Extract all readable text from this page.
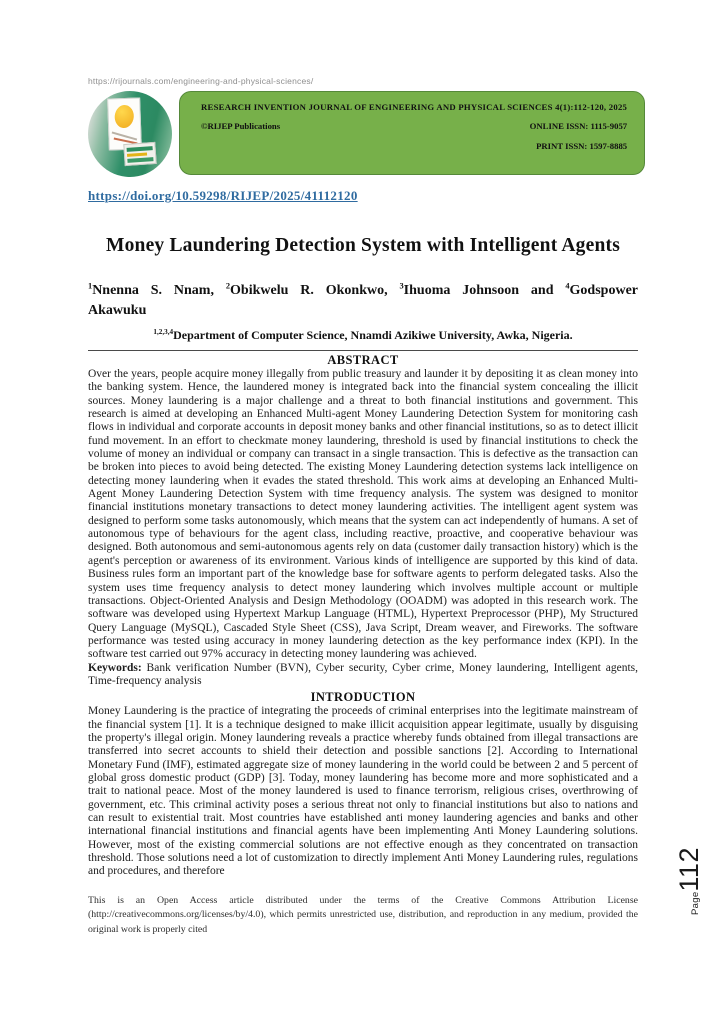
https://rijournals.com/engineering-and-physical-sciences/
RESEARCH INVENTION JOURNAL OF ENGINEERING AND PHYSICAL SCIENCES 4(1):112-120, 2025
©RIJEP Publications	ONLINE ISSN: 1115-9057
PRINT ISSN: 1597-8885
https://doi.org/10.59298/RIJEP/2025/41112120
Money Laundering Detection System with Intelligent Agents

$^1$Nnenna S. Nnam, $^2$Obikwelu R. Okonkwo, $^3$Ihuoma Johnsoon and $^4$Godspower

Akawuku

$^{1,2,3,4}$Department of Computer Science, Nnamdi Azikiwe University, Awka, Nigeria.

ABSTRACT

Over the years, people acquire money illegally from public treasury and launder it by depositing it as clean money into the banking system. Hence, the laundered money is integrated back into the financial system concealing the illicit sources. Money laundering is a major challenge and a threat to both financial institutions and government. This research is aimed at developing an Enhanced Multi-agent Money Laundering Detection System for monitoring cash flows in individual and corporate accounts in deposit money banks and other financial institutions, so as to detect illicit fund movement. In an effort to checkmate money laundering, threshold is used by financial institutions to check the volume of money an individual or company can transact in a single transaction. This is defective as the transaction can be broken into pieces to avoid being detected. The existing Money Laundering detection systems lack intelligence on detecting money laundering when it evades the stated threshold. This work aims at developing an Enhanced Multi-Agent Money Laundering Detection System with time frequency analysis. The system was designed to monitor financial institutions monetary transactions to detect money laundering activities. The intelligent agent system was designed to perform some tasks autonomously, which means that the system can act independently of humans. A set of autonomous type of behaviours for the agent class, including reactive, proactive, and cooperative behaviour was designed. Both autonomous and semi-autonomous agents rely on data (customer daily transaction history) which is the agent's perception or awareness of its environment. Various kinds of intelligence are supported by this kind of data. Business rules form an important part of the knowledge base for software agents to perform delegated tasks. Also the system uses time frequency analysis to detect money laundering which involves multiple account or multiple transactions. Object-Oriented Analysis and Design Methodology (OOADM) was adopted in this research work. The software was developed using Hypertext Markup Language (HTML), Hypertext Preprocessor (PHP), My Structured Query Language (MySQL), Cascaded Style Sheet (CSS), Java Script, Dream weaver, and Fireworks. The software performance was tested using accuracy in money laundering detection as the key performance index (KPI). In the software test carried out 97% accuracy in detecting money laundering was achieved.

Keywords: Bank verification Number (BVN), Cyber security, Cyber crime, Money laundering, Intelligent agents, Time-frequency analysis

INTRODUCTION

Money Laundering is the practice of integrating the proceeds of criminal enterprises into the legitimate mainstream of the financial system [1]. It is a technique designed to make illicit acquisition appear legitimate, usually by disguising the property's illegal origin. Money laundering reveals a practice whereby funds obtained from illegal transactions are transferred into secret accounts to shield their detection and possible sanctions [2]. According to International Monetary Fund (IMF), estimated aggregate size of money laundering in the world could be between 2 and 5 percent of global gross domestic product (GDP) [3]. Today, money laundering has become more and more sophisticated and a trait to national peace. Most of the money laundered is used to finance terrorism, religious crises, overthrowing of government, etc. This criminal activity poses a serious threat not only to financial institutions but also to nations and can result to existential trait. Most countries have established anti money laundering agencies and banks and other international financial institutions and financial agents have been implementing Anti Money Laundering solutions. However, most of the existing commercial solutions are not effective enough as they concentrated on transaction threshold. Those solutions need a lot of customization to directly implement Anti Money Laundering rules, regulations and procedures, and therefore

This is an Open Access article distributed under the terms of the Creative Commons Attribution License (http://creativecommons.org/licenses/by/4.0), which permits unrestricted use, distribution, and reproduction in any medium, provided the original work is properly cited

Page112
